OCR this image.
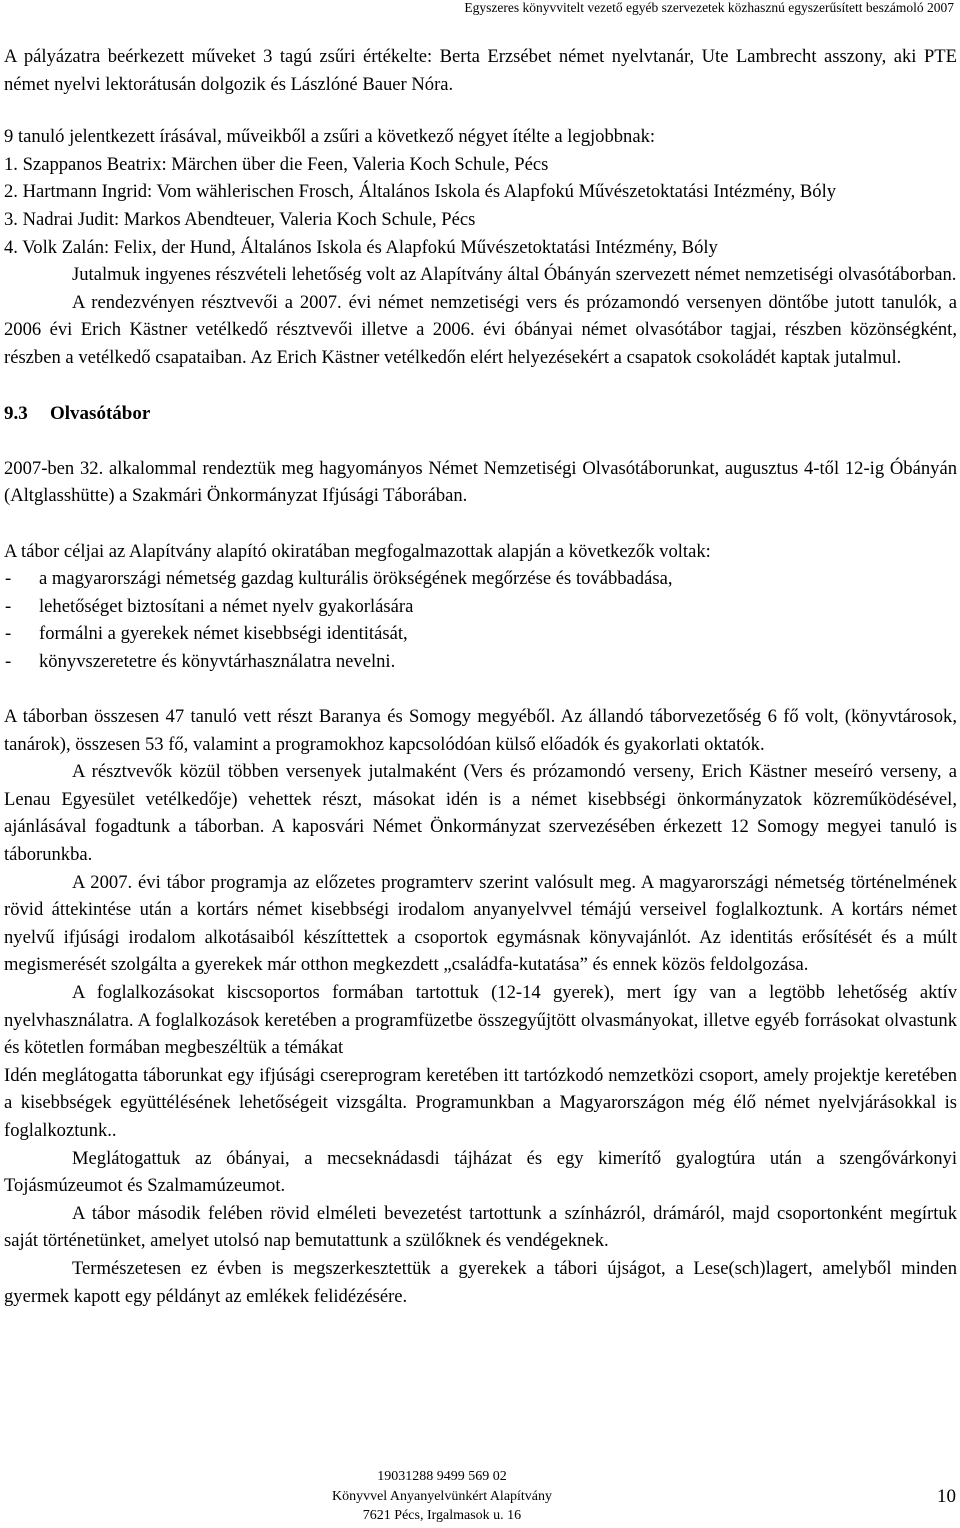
Egyszeres könyvvitelt vezető egyéb szervezetek közhasznú egyszerűsített beszámoló 2007

A pályázatra beérkezett műveket 3 tagú zsűri értékelte: Berta Erzsébet német nyelvtanár, Ute Lambrecht asszony, aki PTE német nyelvi lektorátusán dolgozik és Lászlóné Bauer Nóra.

9 tanuló jelentkezett írásával, műveikből a zsűri a következő négyet ítélte a legjobbnak:

1. Szappanos Beatrix: Märchen über die Feen, Valeria Koch Schule, Pécs

2. Hartmann Ingrid: Vom wählerischen Frosch, Általános Iskola és Alapfokú Művészetoktatási Intézmény, Bóly

3. Nadrai Judit: Markos Abendteuer, Valeria Koch Schule, Pécs

4. Volk Zalán: Felix, der Hund, Általános Iskola és Alapfokú Művészetoktatási Intézmény, Bóly

Jutalmuk ingyenes részvételi lehetőség volt az Alapítvány által Óbányán szervezett német nemzetiségi olvasótáborban.

A rendezvényen résztvevői a 2007. évi német nemzetiségi vers és prózamondó versenyen döntőbe jutott tanulók, a 2006 évi Erich Kästner vetélkedő résztvevői illetve a 2006. évi óbányai német olvasótábor tagjai, részben közönségként, részben a vetélkedő csapataiban. Az Erich Kästner vetélkedőn elért helyezésekért a csapatok csokoládét kaptak jutalmul.

9.3 Olvasótábor

2007-ben 32. alkalommal rendeztük meg hagyományos Német Nemzetiségi Olvasótáborunkat, augusztus 4-től 12-ig Óbányán (Altglasshütte) a Szakmári Önkormányzat Ifjúsági Táborában.

A tábor céljai az Alapítvány alapító okiratában megfogalmazottak alapján a következők voltak:

-	a magyarországi németség gazdag kulturális örökségének megőrzése és továbbadása,
-	lehetőséget biztosítani a német nyelv gyakorlására
-	formálni a gyerekek német kisebbségi identitását,
-	könyvszeretetre és könyvtárhasználatra nevelni.

A táborban összesen 47 tanuló vett részt Baranya és Somogy megyéből. Az állandó táborvezetőség 6 fő volt, (könyvtárosok, tanárok), összesen 53 fő, valamint a programokhoz kapcsolódóan külső előadók és gyakorlati oktatók.

A résztvevők közül többen versenyek jutalmaként (Vers és prózamondó verseny, Erich Kästner meseíró verseny, a Lenau Egyesület vetélkedője) vehettek részt, másokat idén is a német kisebbségi önkormányzatok közreműködésével, ajánlásával fogadtunk a táborban. A kaposvári Német Önkormányzat szervezésében érkezett 12 Somogy megyei tanuló is táborunkba.

A 2007. évi tábor programja az előzetes programterv szerint valósult meg. A magyarországi németség történelmének rövid áttekintése után a kortárs német kisebbségi irodalom anyanyelvvel témájú verseivel foglalkoztunk. A kortárs német nyelvű ifjúsági irodalom alkotásaiból készíttettek a csoportok egymásnak könyvajánlót. Az identitás erősítését és a múlt megismerését szolgálta a gyerekek már otthon megkezdett „családfa-kutatása” és ennek közös feldolgozása.

A foglalkozásokat kiscsoportos formában tartottuk (12-14 gyerek), mert így van a legtöbb lehetőség aktív nyelvhasználatra. A foglalkozások keretében a programfüzetbe összegyűjtött olvasmányokat, illetve egyéb forrásokat olvastunk és kötetlen formában megbeszéltük a témákat

Idén meglátogatta táborunkat egy ifjúsági csereprogram keretében itt tartózkodó nemzetközi csoport, amely projektje keretében a kisebbségek együttélésének lehetőségeit vizsgálta. Programunkban a Magyarországon még élő német nyelvjárásokkal is foglalkoztunk..

Meglátogattuk az óbányai, a mecseknádasdi tájházat és egy kimerítő gyalogtúra után a szengővárkonyi Tojásmúzeumot és Szalmamúzeumot.

A tábor második felében rövid elméleti bevezetést tartottunk a színházról, drámáról, majd csoportonként megírtuk saját történetünket, amelyet utolsó nap bemutattunk a szülőknek és vendégeknek.

Természetesen ez évben is megszerkesztettük a gyerekek a tábori újságot, a Lese(sch)lagert, amelyből minden gyermek kapott egy példányt az emlékek felidézésére.

19031288 9499 569 02
Könyvvel Anyanyelvünkért Alapítvány
7621 Pécs, Irgalmasok u. 16
10
